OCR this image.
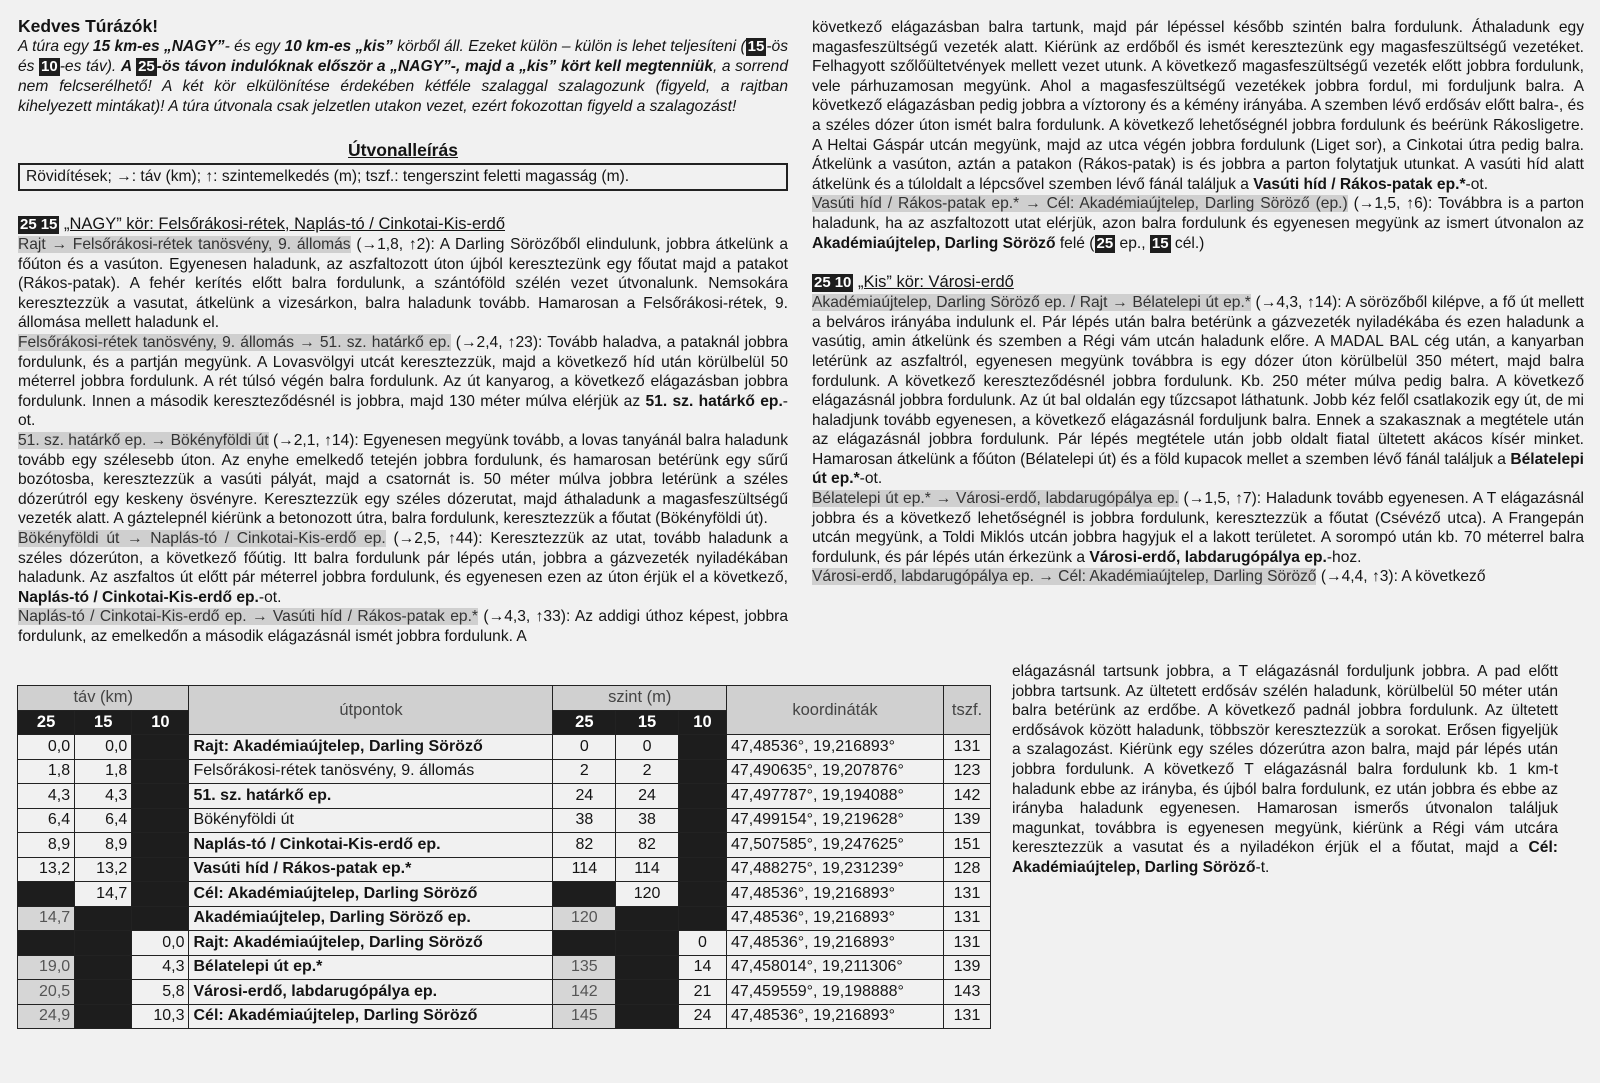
Kedves Túrázók!

A túra egy 15 km-es „NAGY”- és egy 10 km-es „kis” körből áll. Ezeket külön – külön is lehet teljesíteni ( 15 -ös és 10 -es táv). A 25 -ös távon indulóknak először a „NAGY”-, majd a „kis” kört kell megtenniük, a sorrend nem felcserélhető! A két kör elkülönítése érdekében kétféle szalaggal szalagozunk (figyeld, a rajtban kihelyezett mintákat)! A túra útvonala csak jelzetlen utakon vezet, ezért fokozottan figyeld a szalagozást!

Útvonalleírás

Rövidítések; →: táv (km); ↑: szintemelkedés (m); tszf.: tengerszint feletti magasság (m).

25 15 „NAGY” kör: Felsőrákosi-rétek, Naplás-tó / Cinkotai-Kis-erdő

Rajt → Felsőrákosi-rétek tanösvény, 9. állomás (→1,8, ↑2): A Darling Sörözőből elindulunk, jobbra átkelünk a főúton és a vasúton. Egyenesen haladunk, az aszfaltozott úton újból keresztezünk egy főutat majd a patakot (Rákos-patak). A fehér kerítés előtt balra fordulunk, a szántóföld szélén vezet útvonalunk. Nemsokára keresztezzük a vasutat, átkelünk a vizesárkon, balra haladunk tovább. Hamarosan a Felsőrákosi-rétek, 9. állomása mellett haladunk el.

Felsőrákosi-rétek tanösvény, 9. állomás → 51. sz. határkő ep. (→2,4, ↑23): Tovább haladva, a pataknál jobbra fordulunk, és a partján megyünk. A Lovasvölgyi utcát keresztezzük, majd a következő híd után körülbelül 50 méterrel jobbra fordulunk. A rét túlsó végén balra fordulunk. Az út kanyarog, a következő elágazásban jobbra fordulunk. Innen a második kereszteződésnél is jobbra, majd 130 méter múlva elérjük az 51. sz. határkő ep.-ot.

51. sz. határkő ep. → Bökényföldi út (→2,1, ↑14): Egyenesen megyünk tovább, a lovas tanyánál balra haladunk tovább egy szélesebb úton. Az enyhe emelkedő tetején jobbra fordulunk, és hamarosan betérünk egy sűrű bozótosba, keresztezzük a vasúti pályát, majd a csatornát is. 50 méter múlva jobbra letérünk a széles dózerútról egy keskeny ösvényre. Keresztezzük egy széles dózerutat, majd áthaladunk a magasfeszültségű vezeték alatt. A gáztelepnél kiérünk a betonozott útra, balra fordulunk, keresztezzük a főutat (Bökényföldi út).

Bökényföldi út → Naplás-tó / Cinkotai-Kis-erdő ep. (→2,5, ↑44): Keresztezzük az utat, tovább haladunk a széles dózerúton, a következő főútig. Itt balra fordulunk pár lépés után, jobbra a gázvezeték nyiladékában haladunk. Az aszfaltos út előtt pár méterrel jobbra fordulunk, és egyenesen ezen az úton érjük el a következő, Naplás-tó / Cinkotai-Kis-erdő ep.-ot.

Naplás-tó / Cinkotai-Kis-erdő ep. → Vasúti híd / Rákos-patak ep.* (→4,3, ↑33): Az addigi úthoz képest, jobbra fordulunk, az emelkedőn a második elágazásnál ismét jobbra fordulunk. A

következő elágazásban balra tartunk, majd pár lépéssel később szintén balra fordulunk. Áthaladunk egy magasfeszültségű vezeték alatt. Kiérünk az erdőből és ismét keresztezünk egy magasfeszültségű vezetéket. Felhagyott szőlőültetvények mellett vezet utunk. A következő magasfeszültségű vezeték előtt jobbra fordulunk, vele párhuzamosan megyünk. Ahol a magasfeszültségű vezetékek jobbra fordul, mi forduljunk balra. A következő elágazásban pedig jobbra a víztorony és a kémény irányába. A szemben lévő erdősáv előtt balra-, és a széles dózer úton ismét balra fordulunk. A következő lehetőségnél jobbra fordulunk és beérünk Rákosligetre. A Heltai Gáspár utcán megyünk, majd az utca végén jobbra fordulunk (Liget sor), a Cinkotai útra pedig balra. Átkelünk a vasúton, aztán a patakon (Rákos-patak) is és jobbra a parton folytatjuk utunkat. A vasúti híd alatt átkelünk és a túloldalt a lépcsővel szemben lévő fánál találjuk a Vasúti híd / Rákos-patak ep.*-ot.

Vasúti híd / Rákos-patak ep.* → Cél: Akadémiaújtelep, Darling Söröző (ep.) (→1,5, ↑6): Továbbra is a parton haladunk, ha az aszfaltozott utat elérjük, azon balra fordulunk és egyenesen megyünk az ismert útvonalon az Akadémiaújtelep, Darling Söröző felé ( 25 ep., 15 cél.)

25 10 „Kis” kör: Városi-erdő

Akadémiaújtelep, Darling Söröző ep. / Rajt → Bélatelepi út ep.* (→4,3, ↑14): A sörözőből kilépve, a fő út mellett a belváros irányába indulunk el. Pár lépés után balra betérünk a gázvezeték nyiladékába és ezen haladunk a vasútig, amin átkelünk és szemben a Régi vám utcán haladunk előre. A MADAL BAL cég után, a kanyarban letérünk az aszfaltról, egyenesen megyünk továbbra is egy dózer úton körülbelül 350 métert, majd balra fordulunk. A következő kereszteződésnél jobbra fordulunk. Kb. 250 méter múlva pedig balra. A következő elágazásnál jobbra fordulunk. Az út bal oldalán egy tűzcsapot láthatunk. Jobb kéz felől csatlakozik egy út, de mi haladjunk tovább egyenesen, a következő elágazásnál forduljunk balra. Ennek a szakasznak a megtétele után az elágazásnál jobbra fordulunk. Pár lépés megtétele után jobb oldalt fiatal ültetett akácos kísér minket. Hamarosan átkelünk a főúton (Bélatelepi út) és a föld kupacok mellet a szemben lévő fánál találjuk a Bélatelepi út ep.*-ot.

Bélatelepi út ep.* → Városi-erdő, labdarugópálya ep. (→1,5, ↑7): Haladunk tovább egyenesen. A T elágazásnál jobbra és a következő lehetőségnél is jobbra fordulunk, keresztezzük a főutat (Csévéző utca). A Frangepán utcán megyünk, a Toldi Miklós utcán jobbra hagyjuk el a lakott területet. A sorompó után kb. 70 méterrel balra fordulunk, és pár lépés után érkezünk a Városi-erdő, labdarugópálya ep.-hoz.

Városi-erdő, labdarugópálya ep. → Cél: Akadémiaújtelep, Darling Söröző (→4,4, ↑3): A következő

elágazásnál tartsunk jobbra, a T elágazásnál forduljunk jobbra. A pad előtt jobbra tartsunk. Az ültetett erdősáv szélén haladunk, körülbelül 50 méter után balra betérünk az erdőbe. A következő padnál jobbra fordulunk. Az ültetett erdősávok között haladunk, többször keresztezzük a sorokat. Erősen figyeljük a szalagozást. Kiérünk egy széles dózerútra azon balra, majd pár lépés után jobbra fordulunk. A következő T elágazásnál balra fordulunk kb. 1 km-t haladunk ebbe az irányba, és újból balra fordulunk, ez után jobbra és ebbe az irányba haladunk egyenesen. Hamarosan ismerős útvonalon találjuk magunkat, továbbra is egyenesen megyünk, kiérünk a Régi vám utcára keresztezzük a vasutat és a nyiladékon érjük el a főutat, majd a Cél: Akadémiaújtelep, Darling Söröző-t.

táv (km)			útpontok	szint (m)			koordináták	tszf.
25	15	10		25	15	10		
0,0	0,0		Rajt: Akadémiaújtelep, Darling Söröző	0	0		47,48536°, 19,216893°	131
1,8	1,8		Felsőrákosi-rétek tanösvény, 9. állomás	2	2		47,490635°, 19,207876°	123
4,3	4,3		51. sz. határkő ep.	24	24		47,497787°, 19,194088°	142
6,4	6,4		Bökényföldi út	38	38		47,499154°, 19,219628°	139
8,9	8,9		Naplás-tó / Cinkotai-Kis-erdő ep.	82	82		47,507585°, 19,247625°	151
13,2	13,2		Vasúti híd / Rákos-patak ep.*	114	114		47,488275°, 19,231239°	128
	14,7		Cél: Akadémiaújtelep, Darling Söröző		120		47,48536°, 19,216893°	131
14,7			Akadémiaújtelep, Darling Söröző ep.	120			47,48536°, 19,216893°	131
		0,0	Rajt: Akadémiaújtelep, Darling Söröző			0	47,48536°, 19,216893°	131
19,0		4,3	Bélatelepi út ep.*	135		14	47,458014°, 19,211306°	139
20,5		5,8	Városi-erdő, labdarugópálya ep.	142		21	47,459559°, 19,198888°	143
24,9		10,3	Cél: Akadémiaújtelep, Darling Söröző	145		24	47,48536°, 19,216893°	131
